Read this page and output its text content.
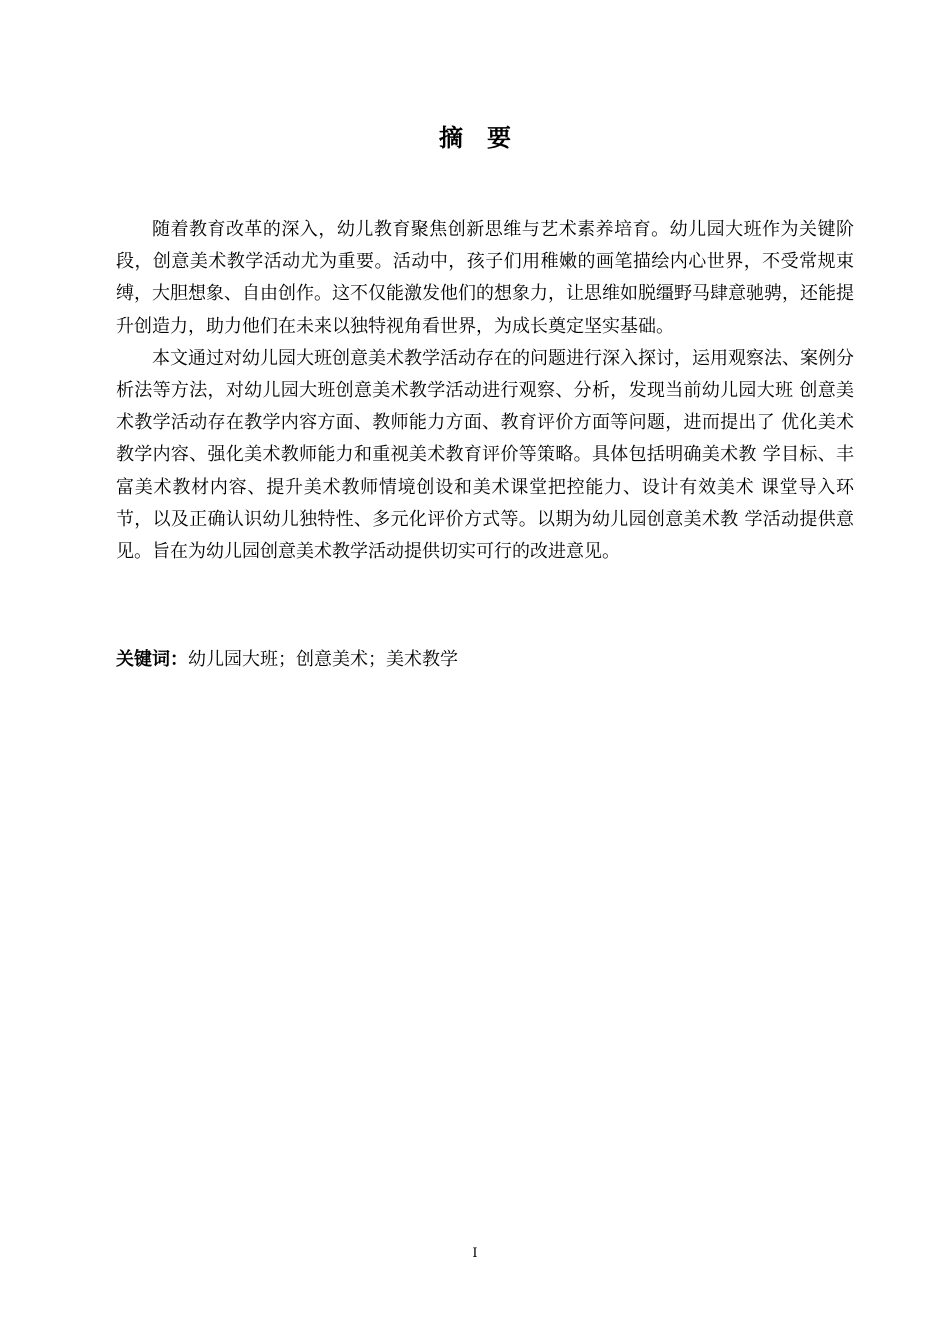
摘要

随着教育改革的深入，幼儿教育聚焦创新思维与艺术素养培育。幼儿园大班作为关键阶段，创意美术教学活动尤为重要。活动中，孩子们用稚嫩的画笔描绘内心世界，不受常规束缚，大胆想象、自由创作。这不仅能激发他们的想象力，让思维如脱缰野马肆意驰骋，还能提升创造力，助力他们在未来以独特视角看世界，为成长奠定坚实基础。

本文通过对幼儿园大班创意美术教学活动存在的问题进行深入探讨，运用观察法、案例分析法等方法，对幼儿园大班创意美术教学活动进行观察、分析，发现当前幼儿园大班 创意美术教学活动存在教学内容方面、教师能力方面、教育评价方面等问题，进而提出了 优化美术教学内容、强化美术教师能力和重视美术教育评价等策略。具体包括明确美术教 学目标、丰富美术教材内容、提升美术教师情境创设和美术课堂把控能力、设计有效美术 课堂导入环节，以及正确认识幼儿独特性、多元化评价方式等。以期为幼儿园创意美术教 学活动提供意见。旨在为幼儿园创意美术教学活动提供切实可行的改进意见。

关键词：幼儿园大班；创意美术；美术教学
I
